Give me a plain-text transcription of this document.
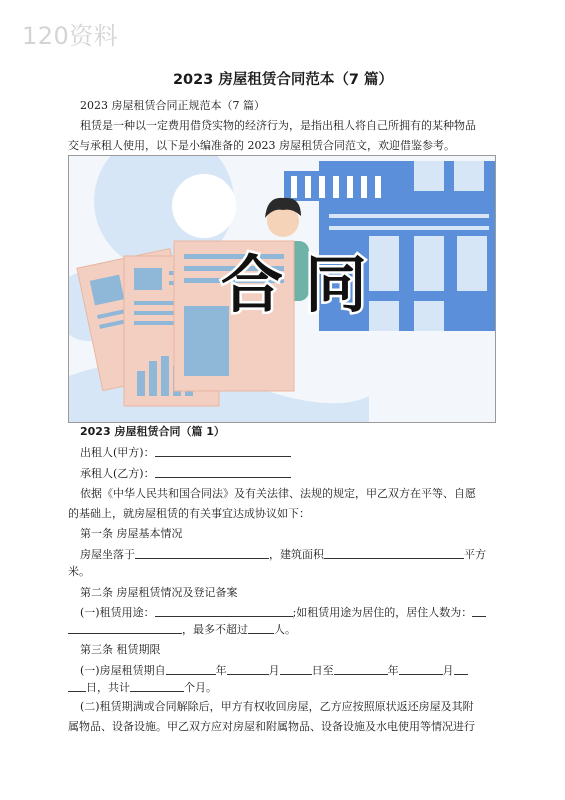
120资料
2023 房屋租赁合同范本（7 篇）
2023 房屋租赁合同正规范本（7 篇）
租赁是一种以一定费用借贷实物的经济行为，是指出租人将自己所拥有的某种物品
交与承租人使用，以下是小编准备的 2023 房屋租赁合同范文，欢迎借鉴参考。
合同
2023 房屋租赁合同（篇 1）
出租人(甲方)：
承租人(乙方)：
依据《中华人民共和国合同法》及有关法律、法规的规定，甲乙双方在平等、自愿
的基础上，就房屋租赁的有关事宜达成协议如下：
第一条 房屋基本情况
房屋坐落于	，建筑面积	平方
米。
第二条 房屋租赁情况及登记备案
(一)租赁用途：	;如租赁用途为居住的，居住人数为：
，最多不超过 人。
第三条 租赁期限
(一)房屋租赁期自	年	月	日至	年	月
日，共计	个月。
(二)租赁期满或合同解除后，甲方有权收回房屋，乙方应按照原状返还房屋及其附
属物品、设备设施。甲乙双方应对房屋和附属物品、设备设施及水电使用等情况进行
